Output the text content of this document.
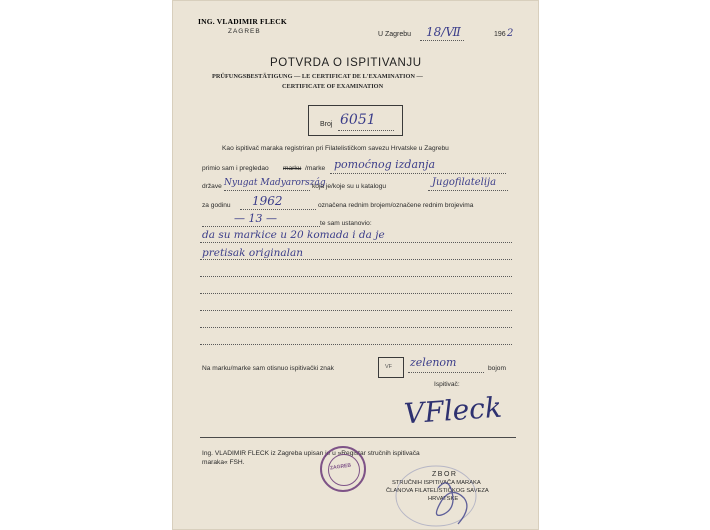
ING. VLADIMIR FLECK
ZAGREB	U Zagrebu 18/Ⅶ	196 2
POTVRDA O ISPITIVANJU
PRÜFUNGSBESTÄTIGUNG — LE CERTIFICAT DE L'EXAMINATION —
CERTIFICATE OF EXAMINATION
Broj 6051
Kao ispitivač maraka registriran pri Filatelističkom savezu Hrvatske u Zagrebu
primio sam i pregledao marku /marke pomoćnog izdanja
države Nyugat Madyarország
koja je/koje su u katalogu	Jugofilatelija
za godinu 1962	označena rednim brojem/označene rednim brojevima
— 13 —	te sam ustanovio:
da su markice u 20 komada i da je
pretisak originalan
Na marku/marke sam otisnuo ispitivački znak	VF zelenom	bojom
Ispitivač:
VFleck
Ing. VLADIMIR FLECK iz Zagreba upisan je u »Registar stručnih ispitivača
maraka« FSH.
ZBOR
STRUČNIH ISPITIVAČA MARAKA
ČLANOVA FILATELISTIČKOG SAVEZA
HRVATSKE
ZAGREB
